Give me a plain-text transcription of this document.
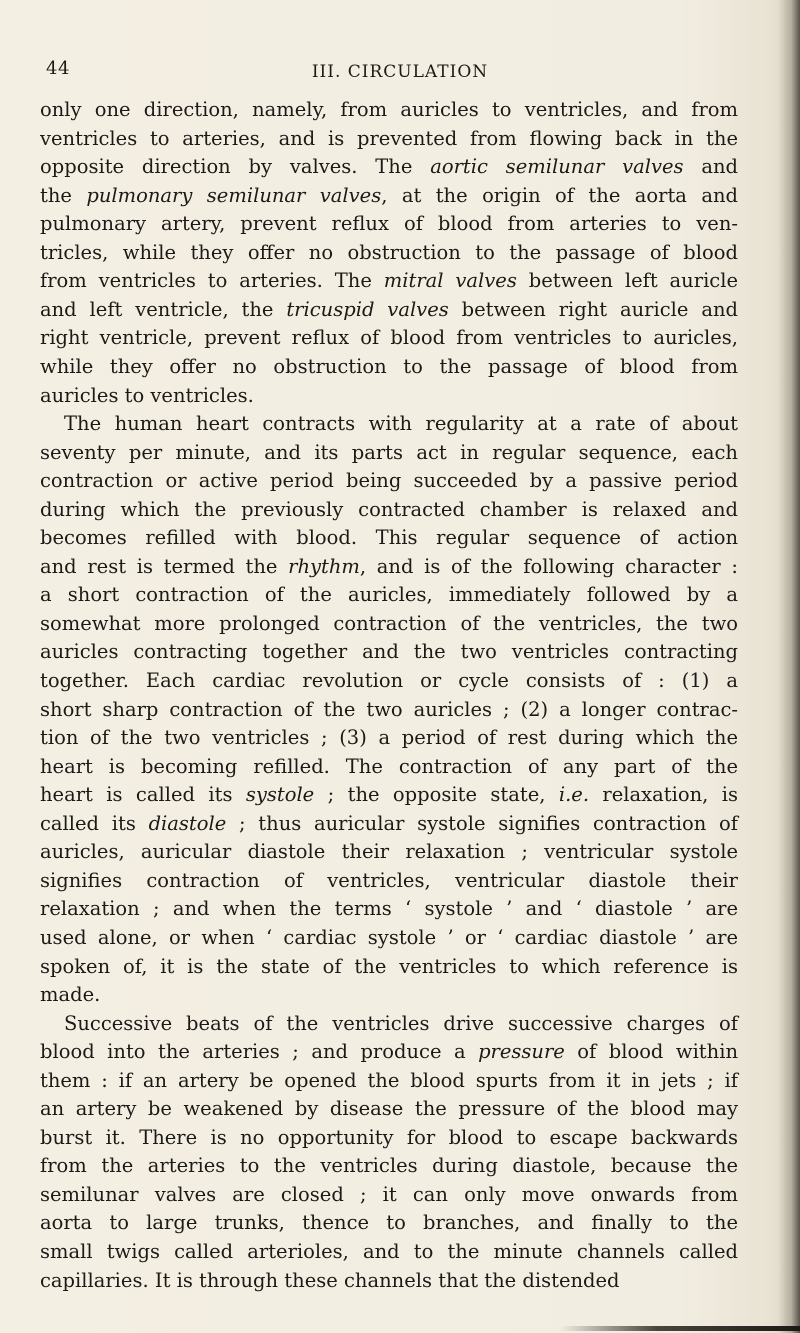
44	III. CIRCULATION
only one direction, namely, from auricles to ventricles, and from
ventricles to arteries, and is prevented from flowing back in the
opposite direction by valves. The aortic semilunar valves and
the pulmonary semilunar valves, at the origin of the aorta and
pulmonary artery, prevent reflux of blood from arteries to ven-
tricles, while they offer no obstruction to the passage of blood
from ventricles to arteries. The mitral valves between left auricle
and left ventricle, the tricuspid valves between right auricle and
right ventricle, prevent reflux of blood from ventricles to auricles,
while they offer no obstruction to the passage of blood from
auricles to ventricles.
The human heart contracts with regularity at a rate of about
seventy per minute, and its parts act in regular sequence, each
contraction or active period being succeeded by a passive period
during which the previously contracted chamber is relaxed and
becomes refilled with blood. This regular sequence of action
and rest is termed the rhythm, and is of the following character :
a short contraction of the auricles, immediately followed by a
somewhat more prolonged contraction of the ventricles, the two
auricles contracting together and the two ventricles contracting
together. Each cardiac revolution or cycle consists of : (1) a
short sharp contraction of the two auricles ; (2) a longer contrac-
tion of the two ventricles ; (3) a period of rest during which the
heart is becoming refilled. The contraction of any part of the
heart is called its systole ; the opposite state, i.e. relaxation, is
called its diastole ; thus auricular systole signifies contraction of
auricles, auricular diastole their relaxation ; ventricular systole
signifies contraction of ventricles, ventricular diastole their
relaxation ; and when the terms ‘ systole ’ and ‘ diastole ’ are
used alone, or when ‘ cardiac systole ’ or ‘ cardiac diastole ’ are
spoken of, it is the state of the ventricles to which reference is
made.
Successive beats of the ventricles drive successive charges of
blood into the arteries ; and produce a pressure of blood within
them : if an artery be opened the blood spurts from it in jets ; if
an artery be weakened by disease the pressure of the blood may
burst it. There is no opportunity for blood to escape backwards
from the arteries to the ventricles during diastole, because the
semilunar valves are closed ; it can only move onwards from
aorta to large trunks, thence to branches, and finally to the
small twigs called arterioles, and to the minute channels called
capillaries. It is through these channels that the distended
